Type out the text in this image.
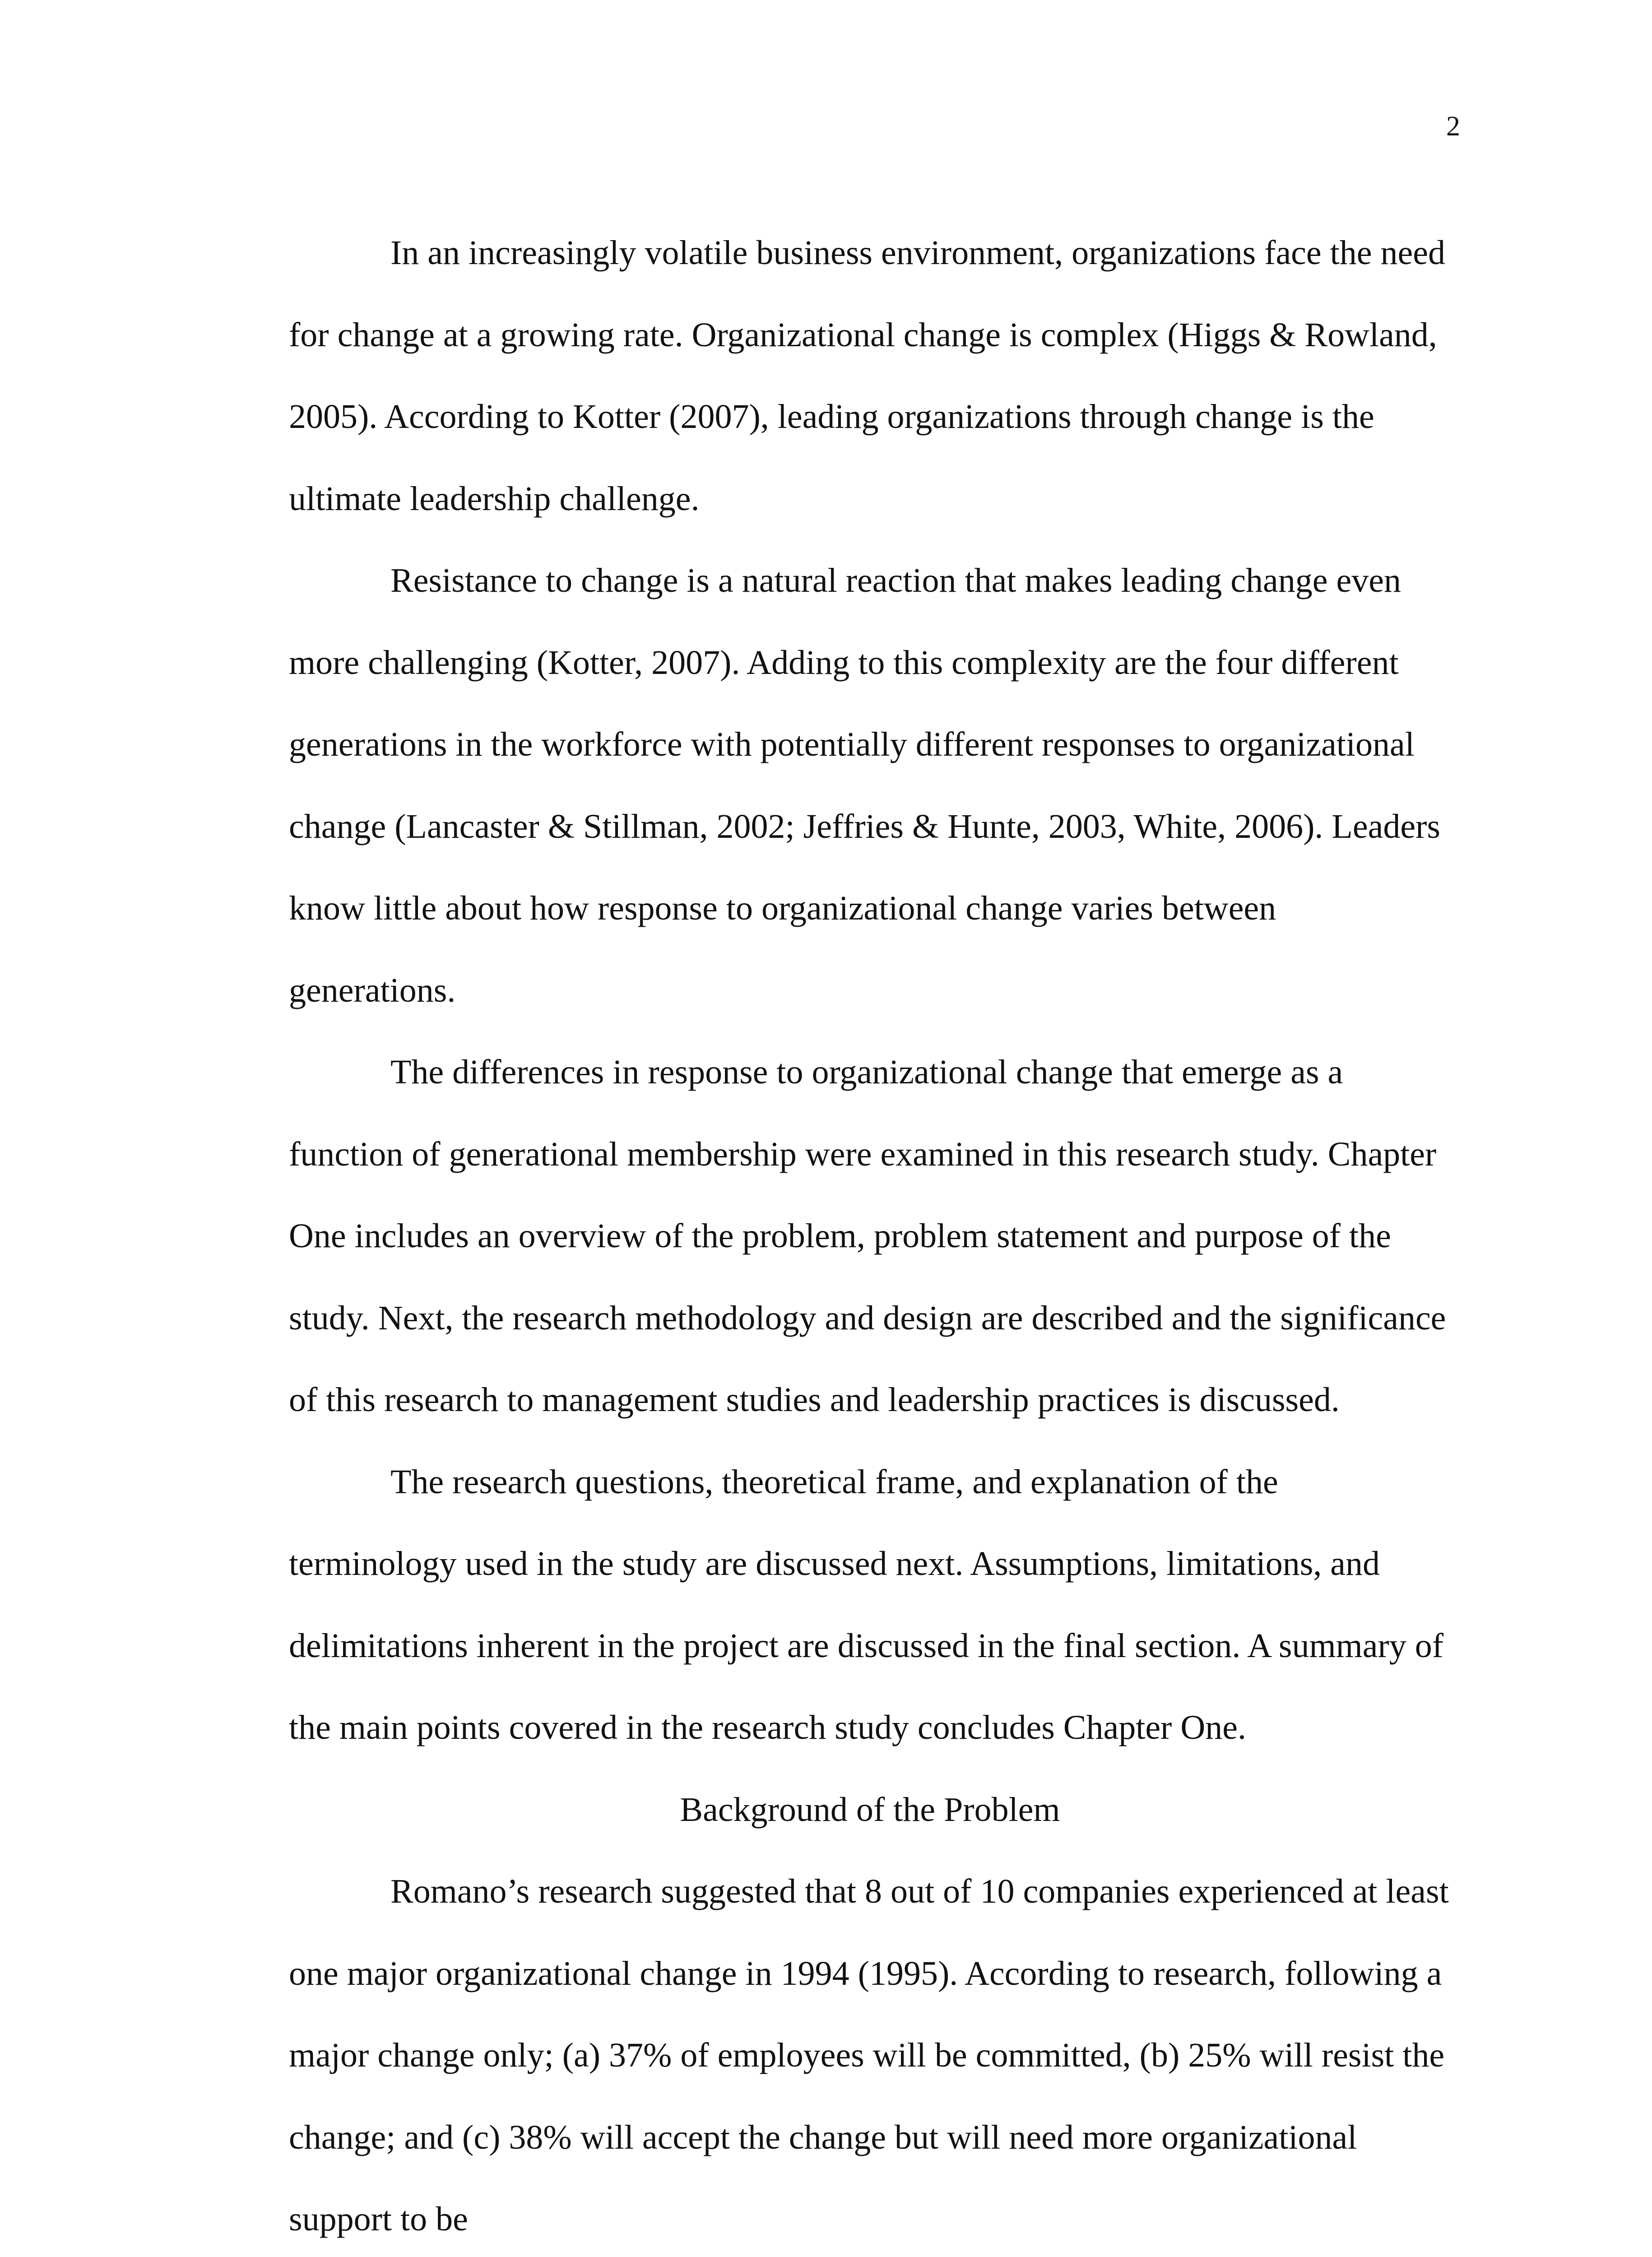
2

In an increasingly volatile business environment, organizations face the need for change at a growing rate. Organizational change is complex (Higgs & Rowland, 2005). According to Kotter (2007), leading organizations through change is the ultimate leadership challenge.

Resistance to change is a natural reaction that makes leading change even more challenging (Kotter, 2007). Adding to this complexity are the four different generations in the workforce with potentially different responses to organizational change (Lancaster & Stillman, 2002; Jeffries & Hunte, 2003, White, 2006). Leaders know little about how response to organizational change varies between generations.

The differences in response to organizational change that emerge as a function of generational membership were examined in this research study. Chapter One includes an overview of the problem, problem statement and purpose of the study. Next, the research methodology and design are described and the significance of this research to management studies and leadership practices is discussed.

The research questions, theoretical frame, and explanation of the terminology used in the study are discussed next. Assumptions, limitations, and delimitations inherent in the project are discussed in the final section. A summary of the main points covered in the research study concludes Chapter One.

Background of the Problem

Romano’s research suggested that 8 out of 10 companies experienced at least one major organizational change in 1994 (1995). According to research, following a major change only; (a) 37% of employees will be committed, (b) 25% will resist the change; and (c) 38% will accept the change but will need more organizational support to be
